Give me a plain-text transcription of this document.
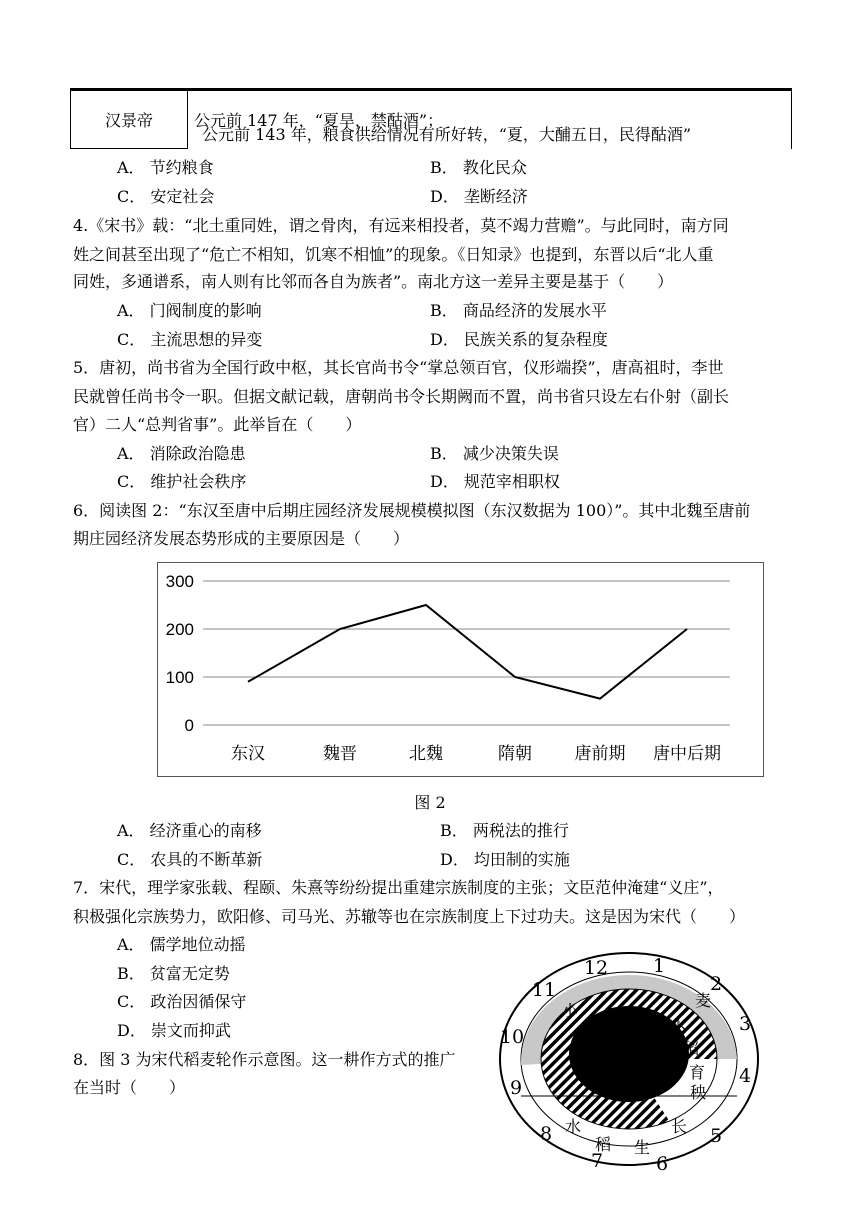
汉景帝	公元前 147 年，“夏旱，禁酤酒”；
公元前 143 年，粮食供给情况有所好转，“夏，大酺五日，民得酤酒”
A． 节约粮食	B． 教化民众
C． 安定社会	D． 垄断经济
4.《宋书》载：“北土重同姓，谓之骨肉，有远来相投者，莫不竭力营赡”。与此同时，南方同
姓之间甚至出现了“危亡不相知，饥寒不相恤”的现象。《日知录》也提到，东晋以后“北人重
同姓，多通谱系，南人则有比邻而各自为族者”。南北方这一差异主要是基于（　　）
A． 门阀制度的影响	B． 商品经济的发展水平
C． 主流思想的异变	D． 民族关系的复杂程度
5．唐初，尚书省为全国行政中枢，其长官尚书令“掌总领百官，仪形端揆”，唐高祖时，李世
民就曾任尚书令一职。但据文献记载，唐朝尚书令长期阙而不置，尚书省只设左右仆射（副长
官）二人“总判省事”。此举旨在（　　）
A． 消除政治隐患	B． 减少决策失误
C． 维护社会秩序	D． 规范宰相职权
6．阅读图 2：“东汉至唐中后期庄园经济发展规模模拟图（东汉数据为 100）”。其中北魏至唐前
期庄园经济发展态势形成的主要原因是（　　）
300
200
100
0
东汉	魏晋	北魏	隋朝	唐前期 唐中后期
图 2
A． 经济重心的南移	B． 两税法的推行
C． 农具的不断革新	D． 均田制的实施
7．宋代，理学家张载、程颐、朱熹等纷纷提出重建宗族制度的主张；文臣范仲淹建“义庄”，
积极强化宗族势力，欧阳修、司马光、苏辙等也在宗族制度上下过功夫。这是因为宋代（　　）
A． 儒学地位动摇
B． 贫富无定势
C． 政治因循保守
D． 崇文而抑武
8．图 3 为宋代稻麦轮作示意图。这一耕作方式的推广
在当时（　　）
12 1
2
3
4
5
6
7
8
9
10
11
小
麦
水
稻
育
秧
水
稻 生
长
